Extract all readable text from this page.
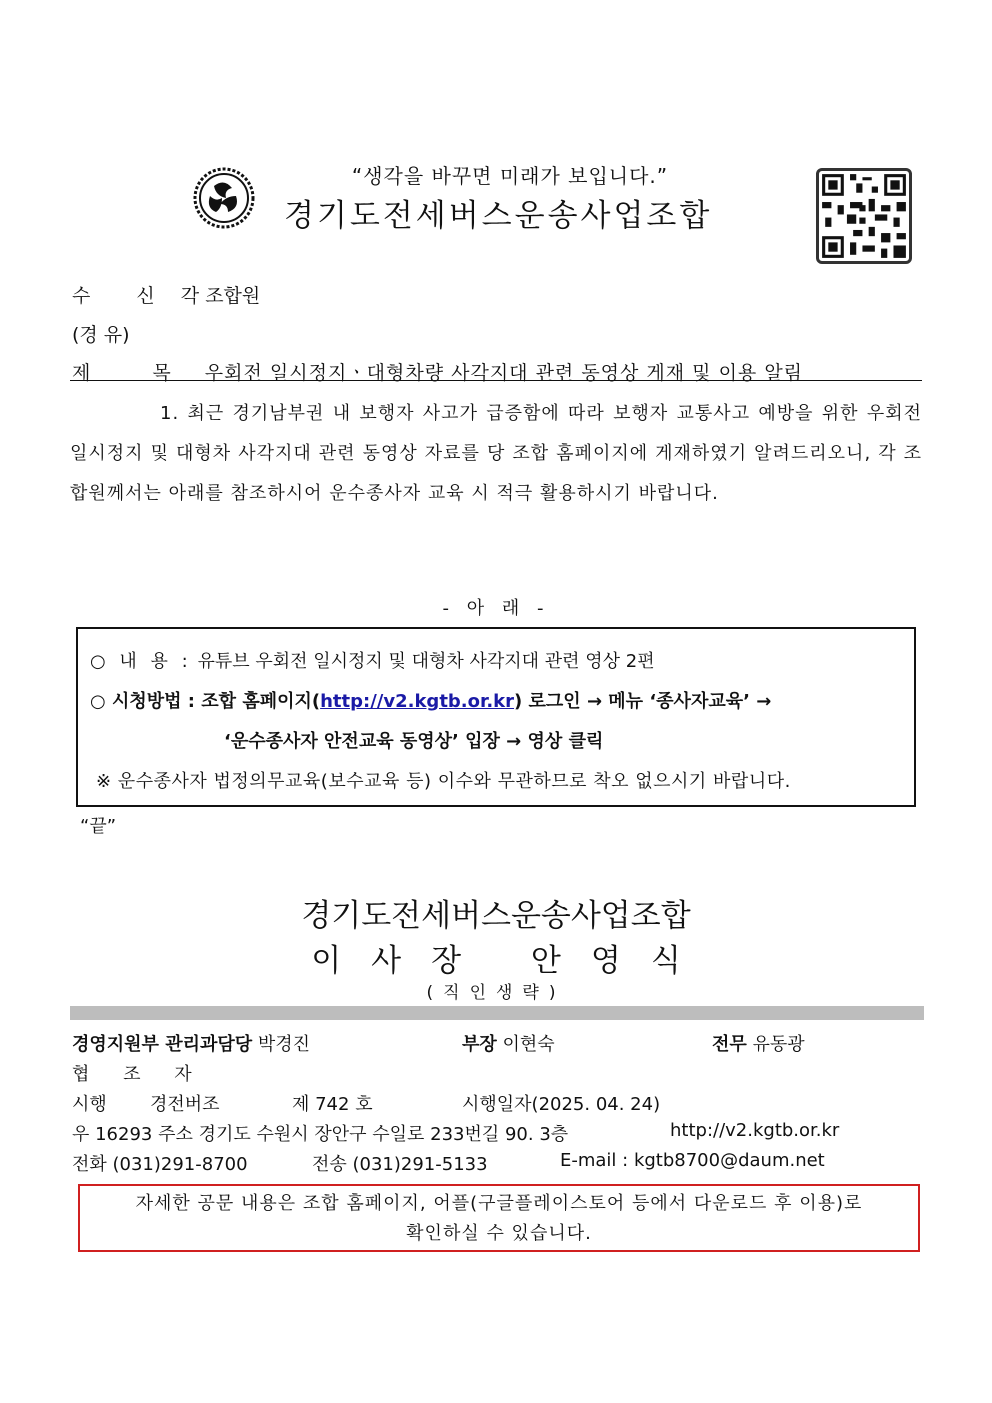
“생각을 바꾸면 미래가 보입니다.”
경기도전세버스운송사업조합
수 신 각 조합원
(경 유)
제 목 우회전 일시정지ㆍ대형차량 사각지대 관련 동영상 게재 및 이용 알림
1. 최근 경기남부권 내 보행자 사고가 급증함에 따라 보행자 교통사고 예방을 위한 우회전 일시정지 및 대형차 사각지대 관련 동영상 자료를 당 조합 홈페이지에 게재하였기 알려드리오니, 각 조합원께서는 아래를 참조하시어 운수종사자 교육 시 적극 활용하시기 바랍니다.
- 아 래 -
○ 내 용 : 유튜브 우회전 일시정지 및 대형차 사각지대 관련 영상 2편
○ 시청방법 : 조합 홈페이지(http://v2.kgtb.or.kr) 로그인 → 메뉴 ‘종사자교육’ →
‘운수종사자 안전교육 동영상’ 입장 → 영상 클릭
※ 운수종사자 법정의무교육(보수교육 등) 이수와 무관하므로 착오 없으시기 바랍니다.
“끝”
경기도전세버스운송사업조합
이사장 안영식
(직인생략)
경영지원부 관리과담당 박경진	부장 이현숙	전무 유동광
협 조 자
시행 경전버조	제 742 호	시행일자(2025. 04. 24)
우 16293 주소 경기도 수원시 장안구 수일로 233번길 90. 3층	http://v2.kgtb.or.kr
전화 (031)291-8700	전송 (031)291-5133	E-mail : kgtb8700@daum.net
자세한 공문 내용은 조합 홈페이지, 어플(구글플레이스토어 등에서 다운로드 후 이용)로
확인하실 수 있습니다.
